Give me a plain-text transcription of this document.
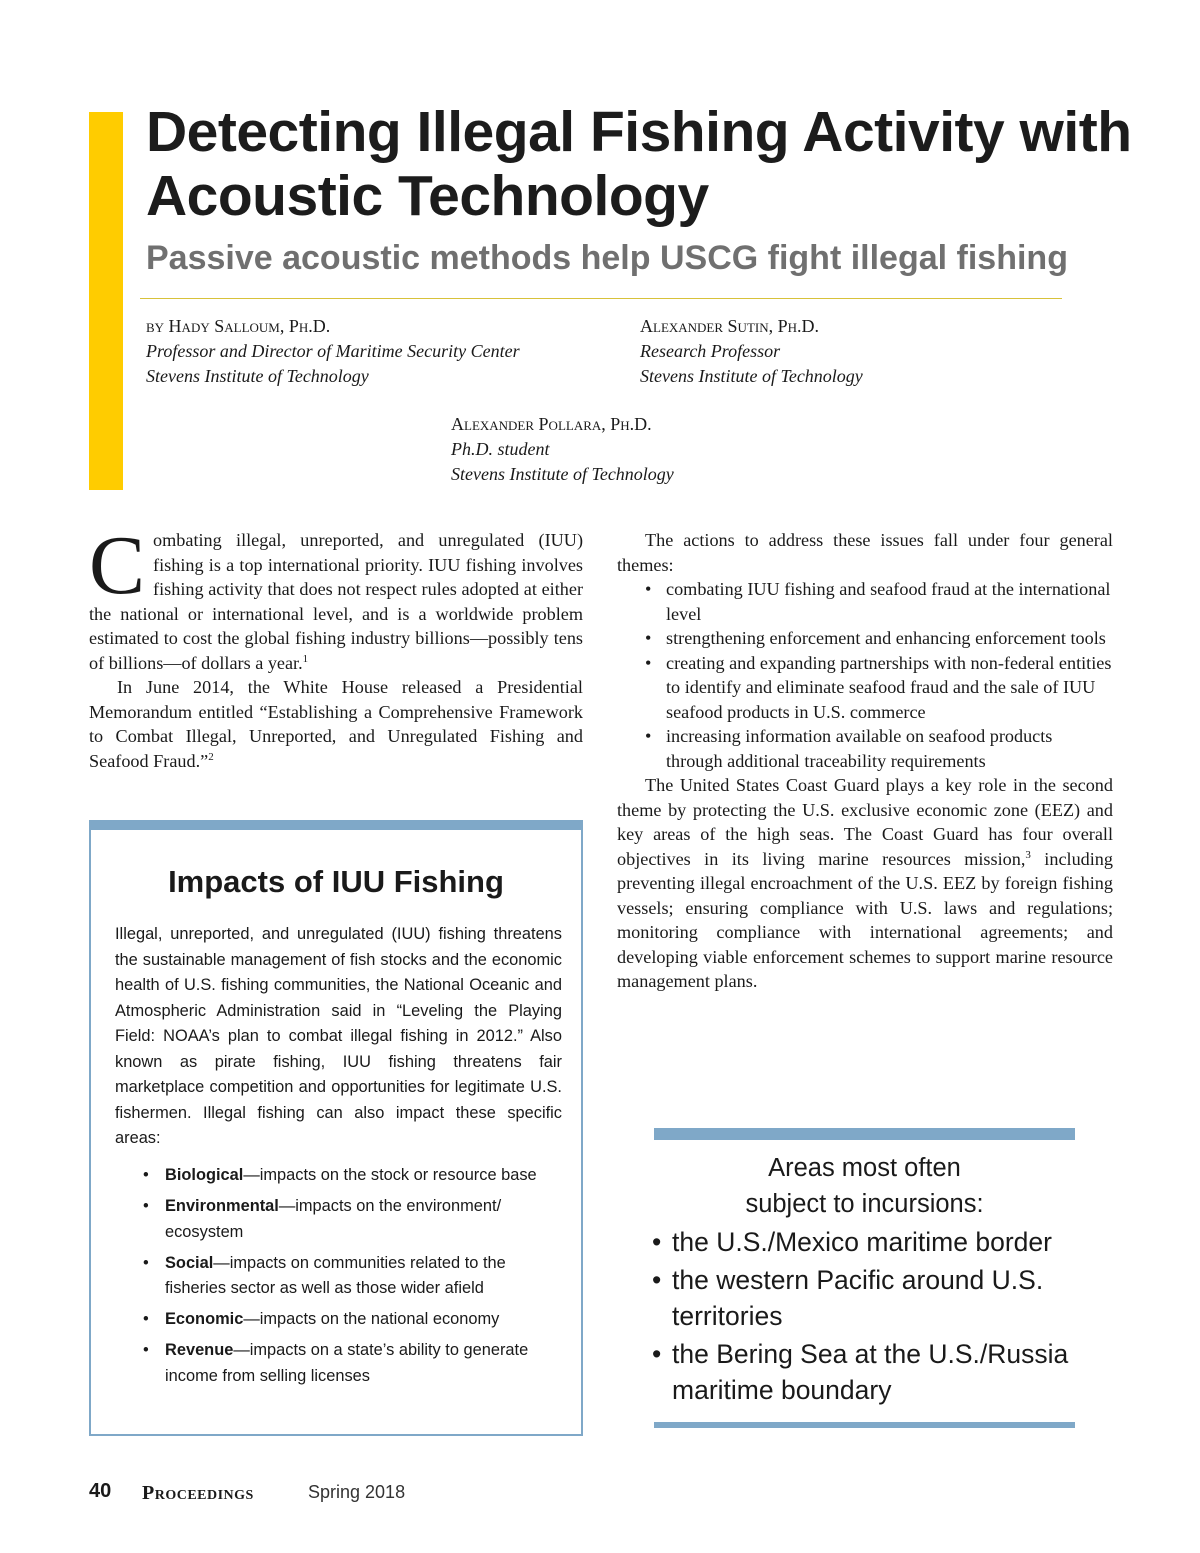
Detecting Illegal Fishing Activity with Acoustic Technology
Passive acoustic methods help USCG fight illegal fishing
by Hady Salloum, Ph.D.
Professor and Director of Maritime Security Center
Stevens Institute of Technology
Alexander Sutin, Ph.D.
Research Professor
Stevens Institute of Technology
Alexander Pollara, Ph.D.
Ph.D. student
Stevens Institute of Technology

Combating illegal, unreported, and unregulated (IUU) fishing is a top international priority. IUU fishing involves fishing activity that does not respect rules adopted at either the national or international level, and is a worldwide problem estimated to cost the global fishing industry billions—possibly tens of billions—of dollars a year.$^1$

In June 2014, the White House released a Presidential Memorandum entitled “Establishing a Comprehensive Framework to Combat Illegal, Unreported, and Unregulated Fishing and Seafood Fraud.”$^2$

The actions to address these issues fall under four general themes:

• combating IUU fishing and seafood fraud at the international level
• strengthening enforcement and enhancing enforcement tools
• creating and expanding partnerships with non-federal entities to identify and eliminate seafood fraud and the sale of IUU seafood products in U.S. commerce
• increasing information available on seafood products through additional traceability requirements

The United States Coast Guard plays a key role in the second theme by protecting the U.S. exclusive economic zone (EEZ) and key areas of the high seas. The Coast Guard has four overall objectives in its living marine resources mission,$^3$ including preventing illegal encroachment of the U.S. EEZ by foreign fishing vessels; ensuring compliance with U.S. laws and regulations; monitoring compliance with international agreements; and developing viable enforcement schemes to support marine resource management plans.

Impacts of IUU Fishing

Illegal, unreported, and unregulated (IUU) fishing threatens the sustainable management of fish stocks and the economic health of U.S. fishing communities, the National Oceanic and Atmospheric Administration said in “Leveling the Playing Field: NOAA’s plan to combat illegal fishing in 2012.” Also known as pirate fishing, IUU fishing threatens fair marketplace competition and opportunities for legitimate U.S. fishermen. Illegal fishing can also impact these specific areas:

• Biological—impacts on the stock or resource base
• Environmental—impacts on the environment/ ecosystem
• Social—impacts on communities related to the fisheries sector as well as those wider afield
• Economic—impacts on the national economy
• Revenue—impacts on a state’s ability to generate income from selling licenses
Areas most often
subject to incursions:
• the U.S./Mexico maritime border
• the western Pacific around U.S. territories
• the Bering Sea at the U.S./Russia maritime boundary
40 Proceedings	Spring 2018
